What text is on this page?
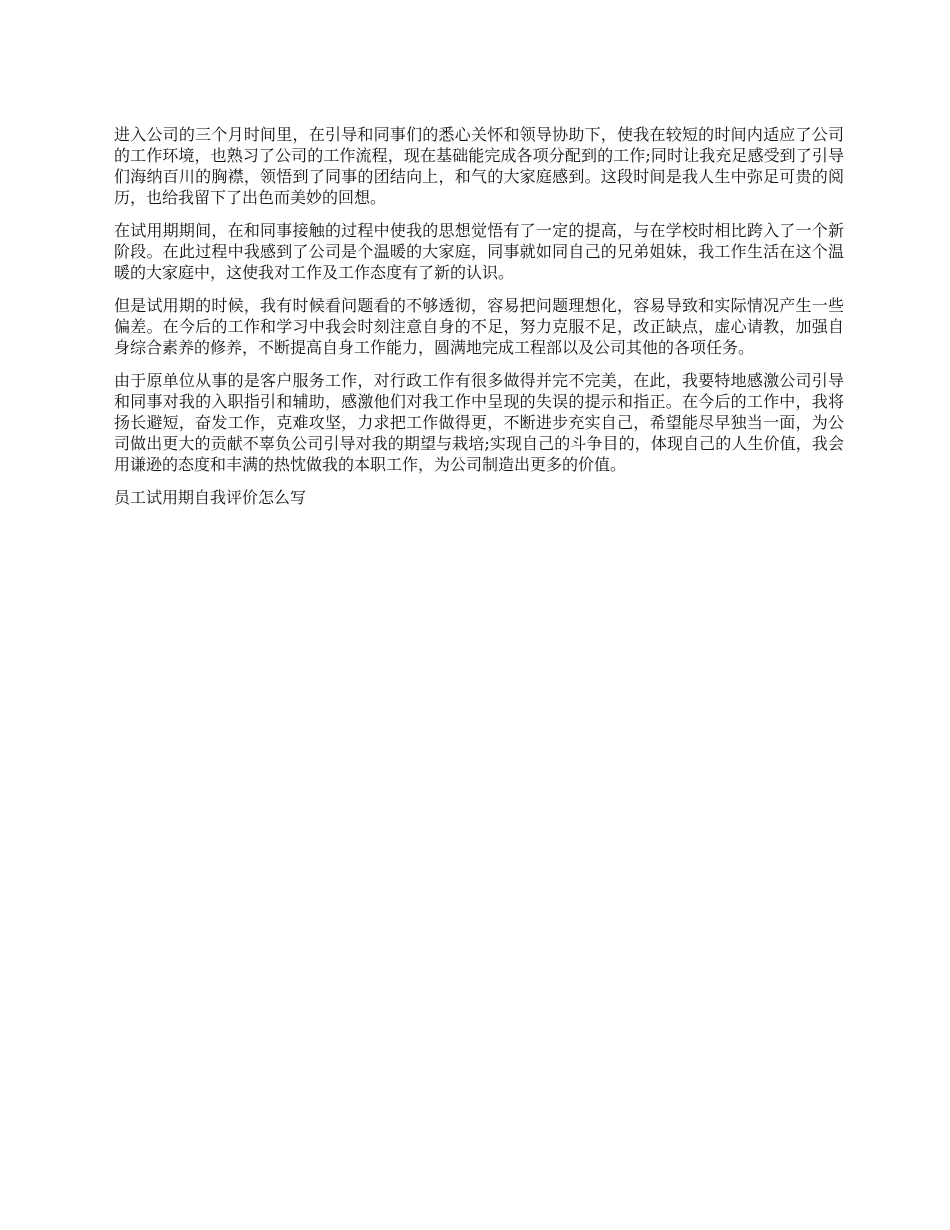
进入公司的三个月时间里，在引导和同事们的悉心关怀和领导协助下，使我在较短的时间内适应了公司的工作环境，也熟习了公司的工作流程，现在基础能完成各项分配到的工作;同时让我充足感受到了引导们海纳百川的胸襟，领悟到了同事的团结向上，和气的大家庭感到。这段时间是我人生中弥足可贵的阅历，也给我留下了出色而美妙的回想。

在试用期期间，在和同事接触的过程中使我的思想觉悟有了一定的提高，与在学校时相比跨入了一个新阶段。在此过程中我感到了公司是个温暖的大家庭，同事就如同自己的兄弟姐妹，我工作生活在这个温暖的大家庭中，这使我对工作及工作态度有了新的认识。

但是试用期的时候，我有时候看问题看的不够透彻，容易把问题理想化，容易导致和实际情况产生一些偏差。在今后的工作和学习中我会时刻注意自身的不足，努力克服不足，改正缺点，虚心请教，加强自身综合素养的修养，不断提高自身工作能力，圆满地完成工程部以及公司其他的各项任务。

由于原单位从事的是客户服务工作，对行政工作有很多做得并完不完美，在此，我要特地感激公司引导和同事对我的入职指引和辅助，感激他们对我工作中呈现的失误的提示和指正。在今后的工作中，我将扬长避短，奋发工作，克难攻坚，力求把工作做得更，不断进步充实自己，希望能尽早独当一面，为公司做出更大的贡献不辜负公司引导对我的期望与栽培;实现自己的斗争目的，体现自己的人生价值，我会用谦逊的态度和丰满的热忱做我的本职工作，为公司制造出更多的价值。

员工试用期自我评价怎么写
